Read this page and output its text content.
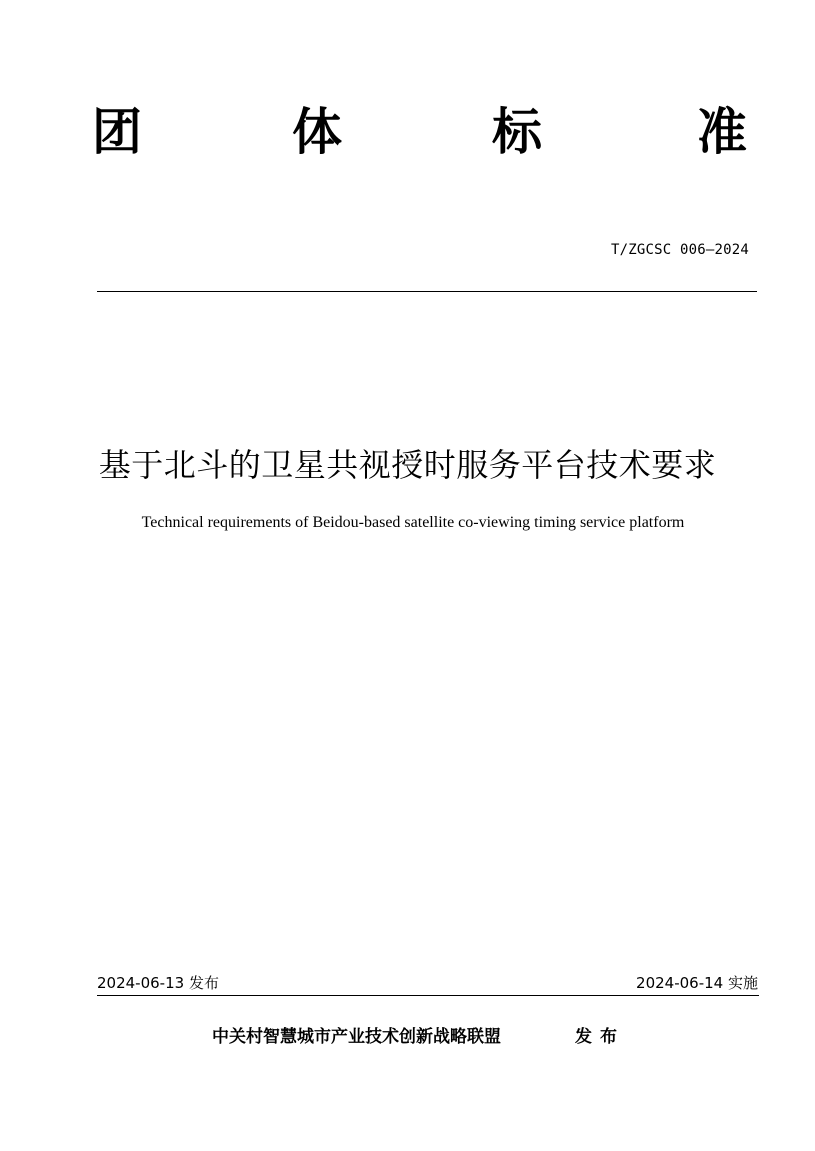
团	体	标	准
T/ZGCSC 006—2024
基于北斗的卫星共视授时服务平台技术要求
Technical requirements of Beidou-based satellite co-viewing timing service platform
2024-06-13 发布	2024-06-14 实施
中关村智慧城市产业技术创新战略联盟	发布
